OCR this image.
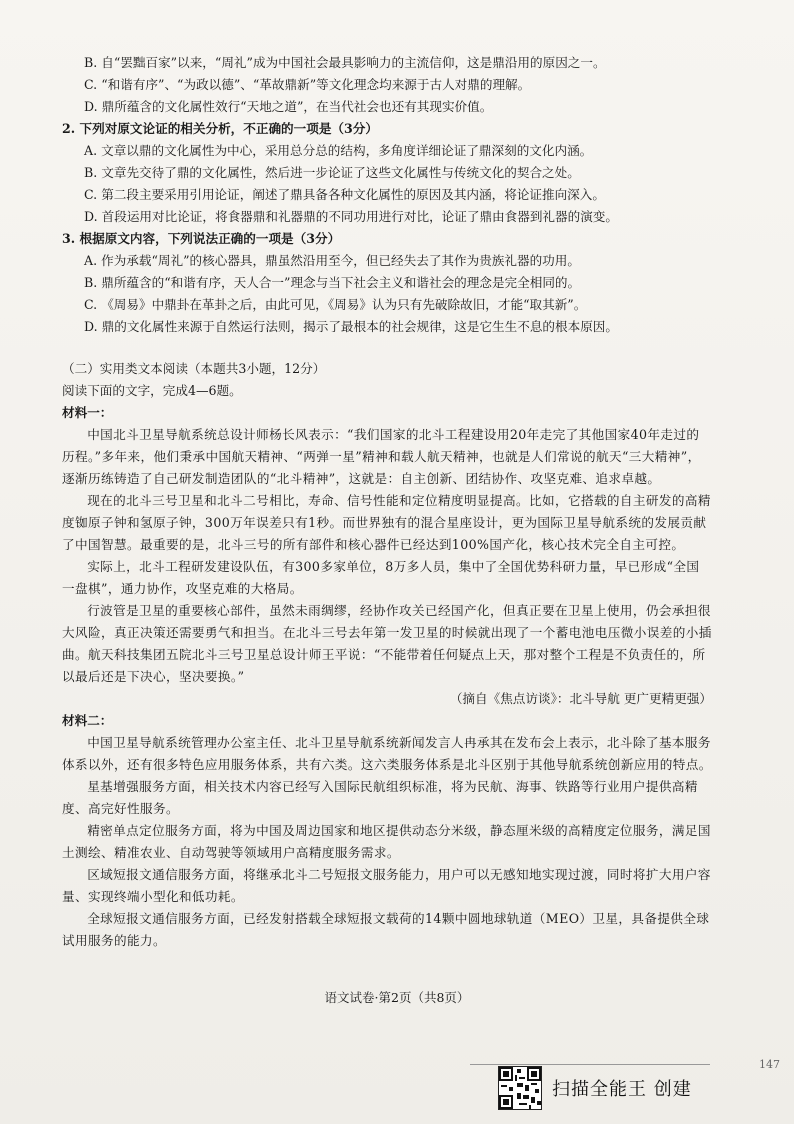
B. 自“罢黜百家”以来，“周礼”成为中国社会最具影响力的主流信仰，这是鼎沿用的原因之一。
C. “和谐有序”、“为政以德”、“革故鼎新”等文化理念均来源于古人对鼎的理解。
D. 鼎所蕴含的文化属性效行“天地之道”，在当代社会也还有其现实价值。
2. 下列对原文论证的相关分析，不正确的一项是（3分）
A. 文章以鼎的文化属性为中心，采用总分总的结构，多角度详细论证了鼎深刻的文化内涵。
B. 文章先交待了鼎的文化属性，然后进一步论证了这些文化属性与传统文化的契合之处。
C. 第二段主要采用引用论证，阐述了鼎具备各种文化属性的原因及其内涵，将论证推向深入。
D. 首段运用对比论证，将食器鼎和礼器鼎的不同功用进行对比，论证了鼎由食器到礼器的演变。
3. 根据原文内容，下列说法正确的一项是（3分）
A. 作为承载“周礼”的核心器具，鼎虽然沿用至今，但已经失去了其作为贵族礼器的功用。
B. 鼎所蕴含的“和谐有序，天人合一”理念与当下社会主义和谐社会的理念是完全相同的。
C. 《周易》中鼎卦在革卦之后，由此可见，《周易》认为只有先破除故旧，才能“取其新”。
D. 鼎的文化属性来源于自然运行法则，揭示了最根本的社会规律，这是它生生不息的根本原因。
（二）实用类文本阅读（本题共3小题，12分）
阅读下面的文字，完成4—6题。
材料一：
中国北斗卫星导航系统总设计师杨长风表示：“我们国家的北斗工程建设用20年走完了其他国家40年走过的历程。”多年来，他们秉承中国航天精神、“两弹一星”精神和载人航天精神，也就是人们常说的航天“三大精神”，逐渐历练铸造了自己研发制造团队的“北斗精神”，这就是：自主创新、团结协作、攻坚克难、追求卓越。
现在的北斗三号卫星和北斗二号相比，寿命、信号性能和定位精度明显提高。比如，它搭载的自主研发的高精度铷原子钟和氢原子钟，300万年误差只有1秒。而世界独有的混合星座设计，更为国际卫星导航系统的发展贡献了中国智慧。最重要的是，北斗三号的所有部件和核心器件已经达到100%国产化，核心技术完全自主可控。
实际上，北斗工程研发建设队伍，有300多家单位，8万多人员，集中了全国优势科研力量，早已形成“全国一盘棋”，通力协作，攻坚克难的大格局。
行波管是卫星的重要核心部件，虽然未雨绸缪，经协作攻关已经国产化，但真正要在卫星上使用，仍会承担很大风险，真正决策还需要勇气和担当。在北斗三号去年第一发卫星的时候就出现了一个蓄电池电压微小误差的小插曲。航天科技集团五院北斗三号卫星总设计师王平说：“不能带着任何疑点上天，那对整个工程是不负责任的，所以最后还是下决心，坚决要换。”
（摘自《焦点访谈》：北斗导航 更广更精更强）
材料二：
中国卫星导航系统管理办公室主任、北斗卫星导航系统新闻发言人冉承其在发布会上表示，北斗除了基本服务体系以外，还有很多特色应用服务体系，共有六类。这六类服务体系是北斗区别于其他导航系统创新应用的特点。
星基增强服务方面，相关技术内容已经写入国际民航组织标准，将为民航、海事、铁路等行业用户提供高精度、高完好性服务。
精密单点定位服务方面，将为中国及周边国家和地区提供动态分米级，静态厘米级的高精度定位服务，满足国土测绘、精准农业、自动驾驶等领域用户高精度服务需求。
区域短报文通信服务方面，将继承北斗二号短报文服务能力，用户可以无感知地实现过渡，同时将扩大用户容量、实现终端小型化和低功耗。
全球短报文通信服务方面，已经发射搭载全球短报文载荷的14颗中圆地球轨道（MEO）卫星，具备提供全球试用服务的能力。
语文试卷·第2页（共8页）
147
扫描全能王 创建
